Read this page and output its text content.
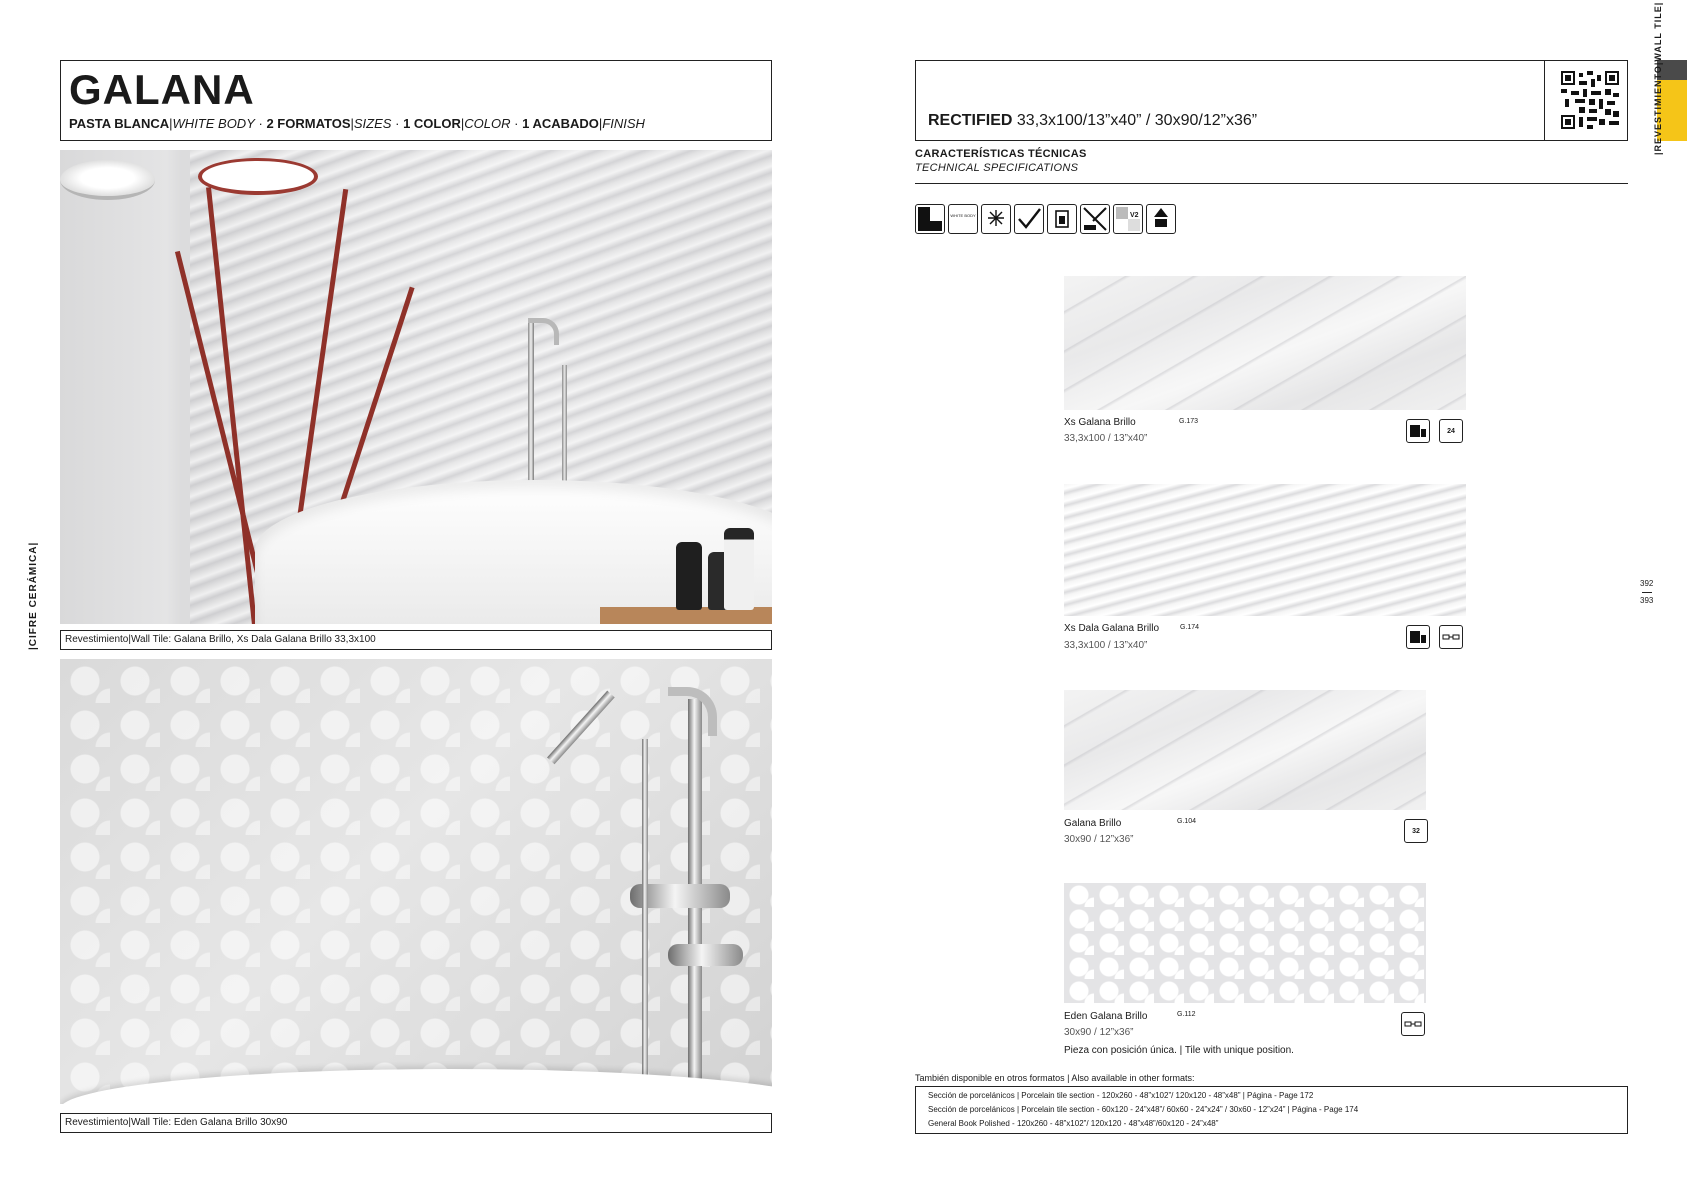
GALANA
PASTA BLANCA|WHITE BODY · 2 FORMATOS|SIZES · 1 COLOR|COLOR · 1 ACABADO|FINISH
Revestimiento|Wall Tile: Galana Brillo, Xs Dala Galana Brillo 33,3x100
Revestimiento|Wall Tile: Eden Galana Brillo 30x90
|CIFRE CERÁMICA|
RECTIFIED 33,3x100/13”x40” / 30x90/12”x36”	|REVESTIMIENTO|WALL TILE|
CARACTERÍSTICAS TÉCNICAS
TECHNICAL SPECIFICATIONS
WHITE BODY	V2
Xs Galana Brillo	G.173
33,3x100 / 13”x40”
24
Xs Dala Galana Brillo	G.174
33,3x100 / 13”x40”
Galana Brillo	G.104
30x90 / 12”x36”
32
Eden Galana Brillo	G.112
30x90 / 12”x36”
Pieza con posición única. | Tile with unique position.
392
393
También disponible en otros formatos | Also available in other formats:
Sección de porcelánicos | Porcelain tile section - 120x260 - 48”x102”/ 120x120 - 48”x48” | Página - Page 172
Sección de porcelánicos | Porcelain tile section - 60x120 - 24”x48”/ 60x60 - 24”x24” / 30x60 - 12”x24” | Página - Page 174
General Book Polished - 120x260 - 48”x102”/ 120x120 - 48”x48”/60x120 - 24”x48”
